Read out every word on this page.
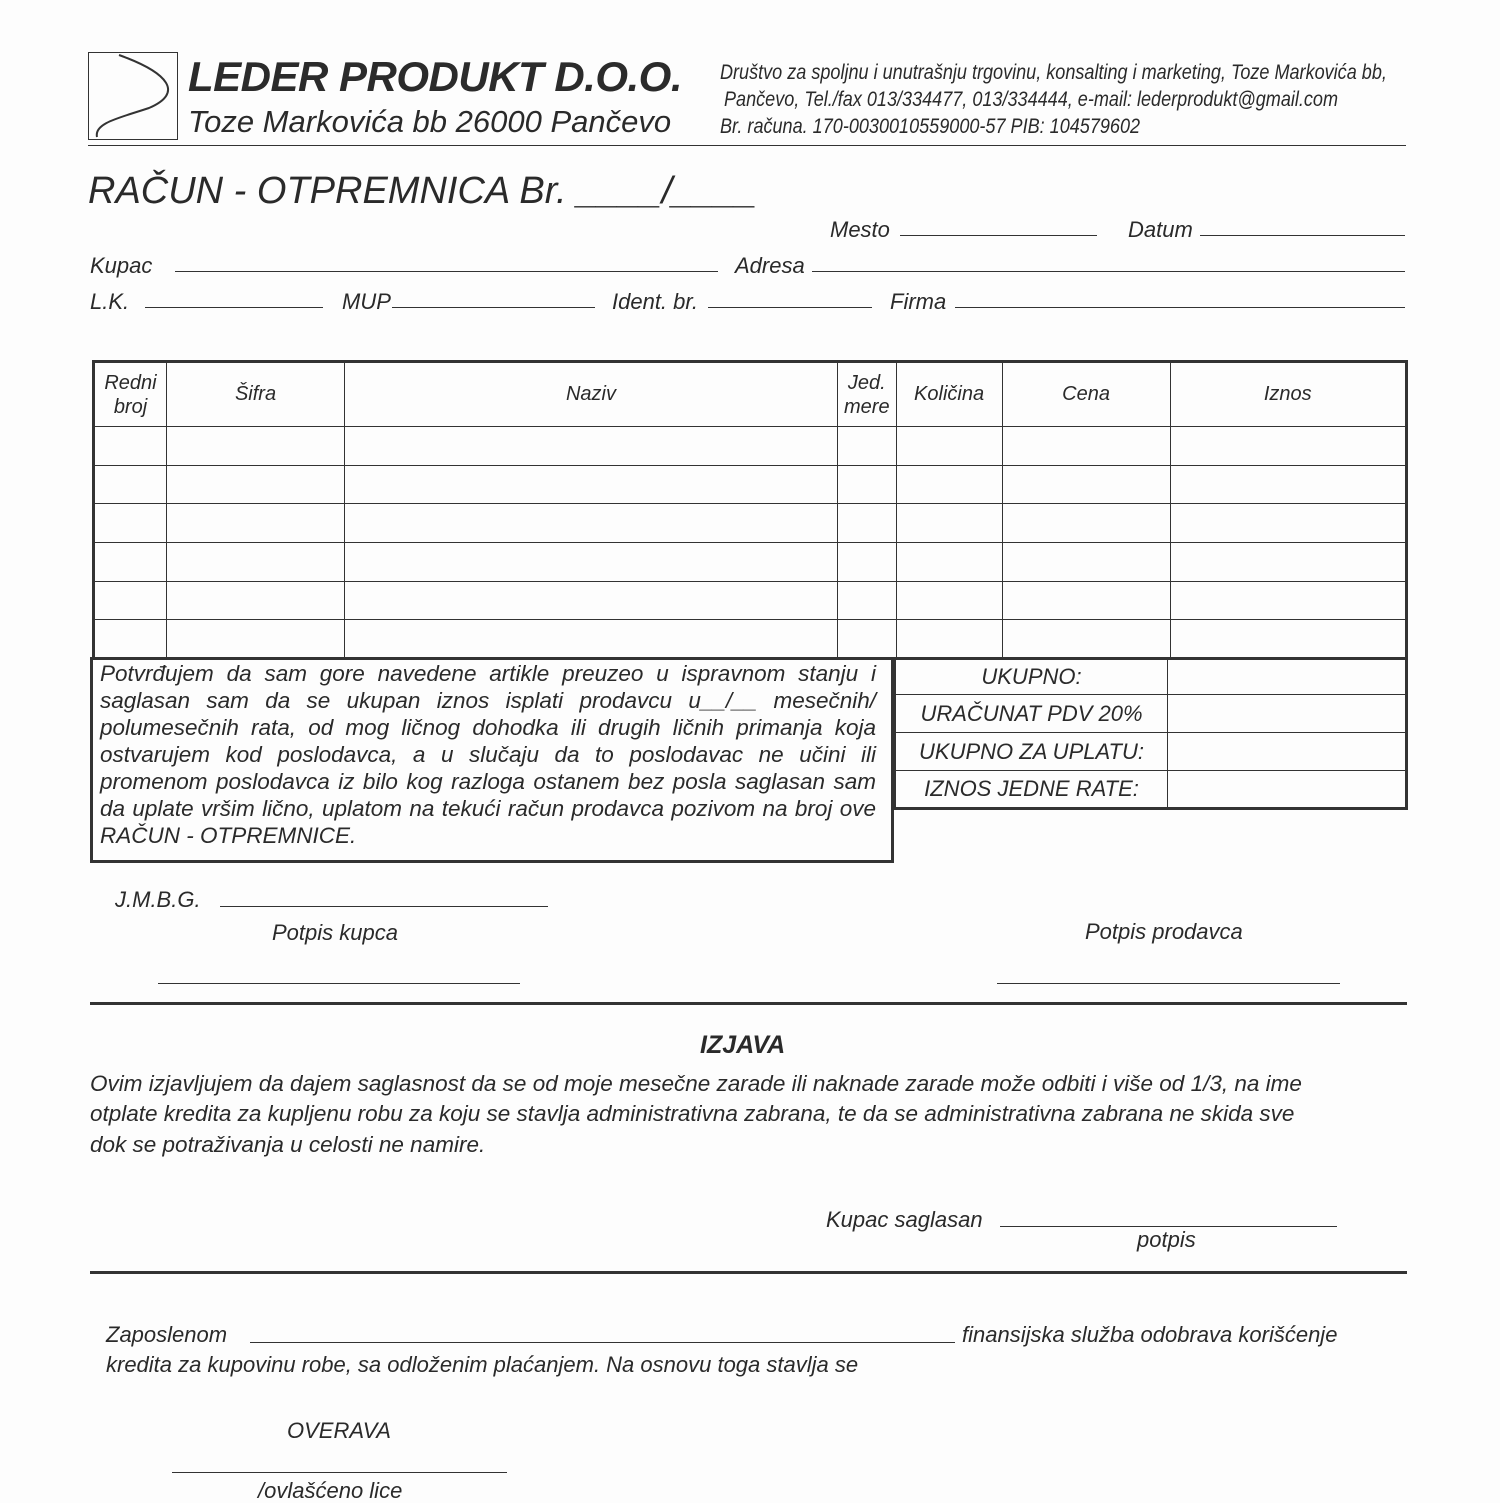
LEDER PRODUKT D.O.O.
Toze Markovića bb 26000 Pančevo
Društvo za spoljnu i unutrašnju trgovinu, konsalting i marketing, Toze Markovića bb,
Pančevo, Tel./fax 013/334477, 013/334444, e-mail: lederprodukt@gmail.com
Br. računa. 170-0030010559000-57 PIB: 104579602
RAČUN - OTPREMNICA Br. ____/____
Mesto	Datum
Kupac	Adresa
L.K.	MUP	Ident. br.	Firma
Redni broj	Šifra	Naziv	Jed. mere	Količina	Cena	Iznos

Potvrđujem da sam gore navedene artikle preuzeo u ispravnom stanju i saglasan sam da se ukupan iznos isplati prodavcu u__/__ mesečnih/ polumesečnih rata, od mog ličnog dohodka ili drugih ličnih primanja koja ostvarujem kod poslodavca, a u slučaju da to poslodavac ne učini ili promenom poslodavca iz bilo kog razloga ostanem bez posla saglasan sam da uplate vršim lično, uplatom na tekući račun prodavca pozivom na broj ove RAČUN - OTPREMNICE.
UKUPNO:	
URAČUNAT PDV 20%	
UKUPNO ZA UPLATU:	
IZNOS JEDNE RATE:	
J.M.B.G.
Potpis kupca	Potpis prodavca
IZJAVA
Ovim izjavljujem da dajem saglasnost da se od moje mesečne zarade ili naknade zarade može odbiti i više od 1/3, na ime
otplate kredita za kupljenu robu za koju se stavlja administrativna zabrana, te da se administrativna zabrana ne skida sve
dok se potraživanja u celosti ne namire.
Kupac saglasan
potpis
Zaposlenom	finansijska služba odobrava korišćenje
kredita za kupovinu robe, sa odloženim plaćanjem. Na osnovu toga stavlja se
OVERAVA
/ovlašćeno lice
